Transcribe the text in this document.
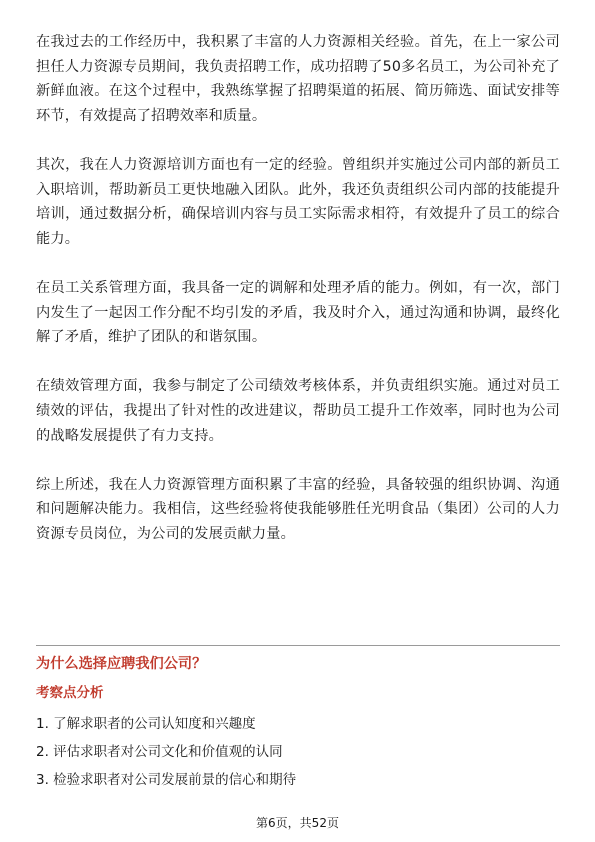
在我过去的工作经历中，我积累了丰富的人力资源相关经验。首先，在上一家公司担任人力资源专员期间，我负责招聘工作，成功招聘了50多名员工，为公司补充了新鲜血液。在这个过程中，我熟练掌握了招聘渠道的拓展、简历筛选、面试安排等环节，有效提高了招聘效率和质量。

其次，我在人力资源培训方面也有一定的经验。曾组织并实施过公司内部的新员工入职培训，帮助新员工更快地融入团队。此外，我还负责组织公司内部的技能提升培训，通过数据分析，确保培训内容与员工实际需求相符，有效提升了员工的综合能力。

在员工关系管理方面，我具备一定的调解和处理矛盾的能力。例如，有一次，部门内发生了一起因工作分配不均引发的矛盾，我及时介入，通过沟通和协调，最终化解了矛盾，维护了团队的和谐氛围。

在绩效管理方面，我参与制定了公司绩效考核体系，并负责组织实施。通过对员工绩效的评估，我提出了针对性的改进建议，帮助员工提升工作效率，同时也为公司的战略发展提供了有力支持。

综上所述，我在人力资源管理方面积累了丰富的经验，具备较强的组织协调、沟通和问题解决能力。我相信，这些经验将使我能够胜任光明食品（集团）公司的人力资源专员岗位，为公司的发展贡献力量。

为什么选择应聘我们公司？
考察点分析
1. 了解求职者的公司认知度和兴趣度
2. 评估求职者对公司文化和价值观的认同
3. 检验求职者对公司发展前景的信心和期待
第6页，共52页
